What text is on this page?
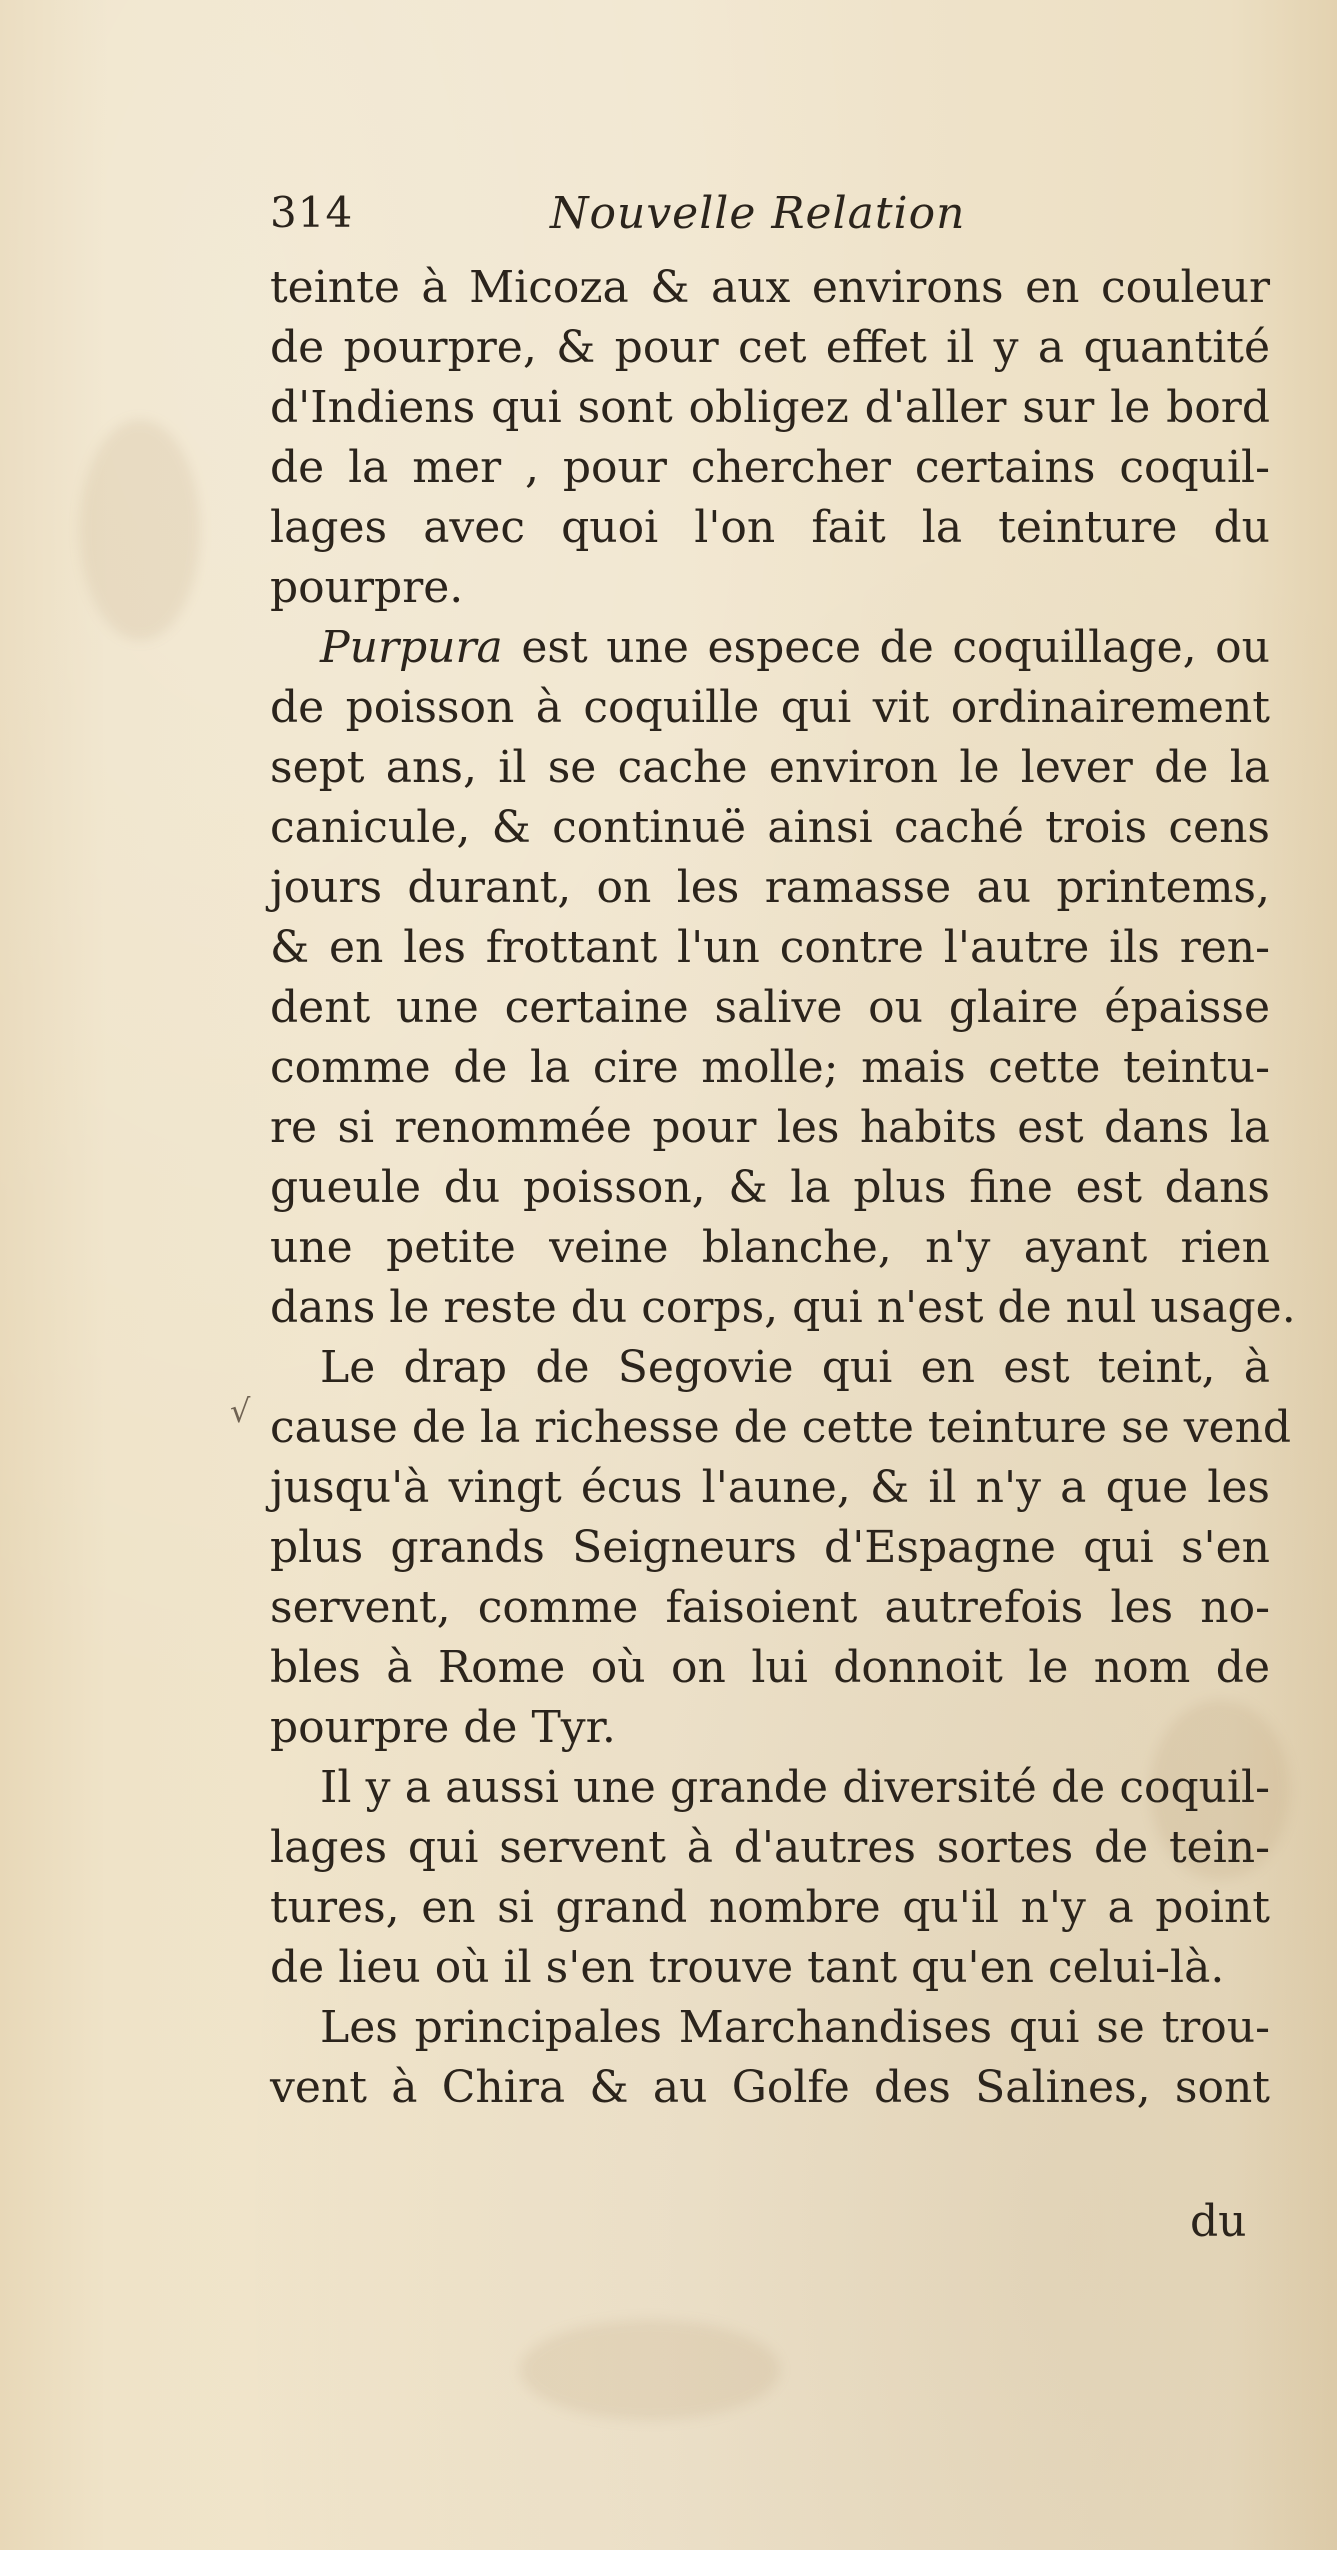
314	Nouvelle Relation
√
teinte à Micoza & aux environs en couleur
de pourpre, & pour cet effet il y a quantité
d'Indiens qui sont obligez d'aller sur le bord
de la mer , pour chercher certains coquil-
lages avec quoi l'on fait la teinture du
pourpre.
Purpura est une espece de coquillage, ou
de poisson à coquille qui vit ordinairement
sept ans, il se cache environ le lever de la
canicule, & continuë ainsi caché trois cens
jours durant, on les ramasse au printems,
& en les frottant l'un contre l'autre ils ren-
dent une certaine salive ou glaire épaisse
comme de la cire molle; mais cette teintu-
re si renommée pour les habits est dans la
gueule du poisson, & la plus fine est dans
une petite veine blanche, n'y ayant rien
dans le reste du corps, qui n'est de nul usage.
Le drap de Segovie qui en est teint, à
cause de la richesse de cette teinture se vend
jusqu'à vingt écus l'aune, & il n'y a que les
plus grands Seigneurs d'Espagne qui s'en
servent, comme faisoient autrefois les no-
bles à Rome où on lui donnoit le nom de
pourpre de Tyr.
Il y a aussi une grande diversité de coquil-
lages qui servent à d'autres sortes de tein-
tures, en si grand nombre qu'il n'y a point
de lieu où il s'en trouve tant qu'en celui-là.
Les principales Marchandises qui se trou-
vent à Chira & au Golfe des Salines, sont
du
